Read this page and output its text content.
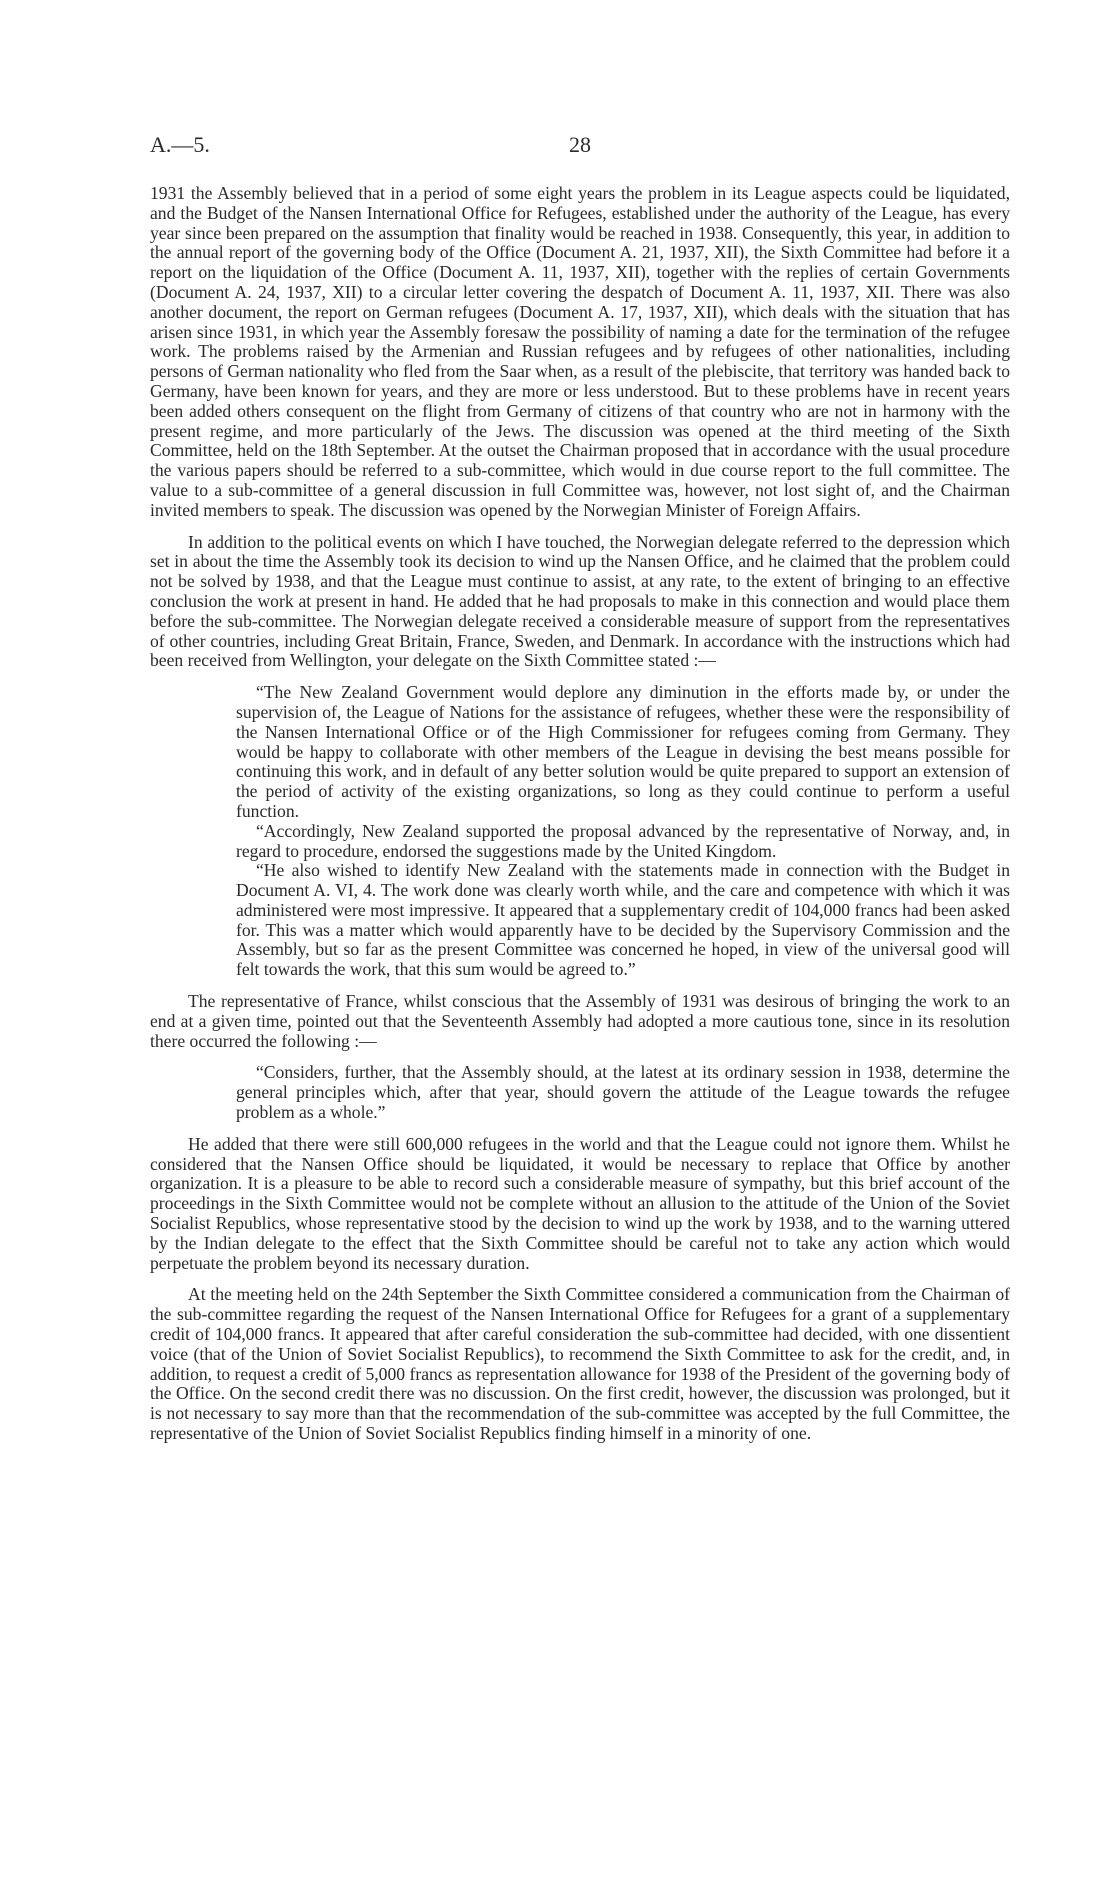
A.—5.	28

1931 the Assembly believed that in a period of some eight years the problem in its League aspects could be liquidated, and the Budget of the Nansen International Office for Refugees, established under the authority of the League, has every year since been prepared on the assumption that finality would be reached in 1938. Consequently, this year, in addition to the annual report of the governing body of the Office (Document A. 21, 1937, XII), the Sixth Committee had before it a report on the liquidation of the Office (Document A. 11, 1937, XII), together with the replies of certain Governments (Document A. 24, 1937, XII) to a circular letter covering the despatch of Document A. 11, 1937, XII. There was also another document, the report on German refugees (Document A. 17, 1937, XII), which deals with the situation that has arisen since 1931, in which year the Assembly foresaw the possibility of naming a date for the termination of the refugee work. The problems raised by the Armenian and Russian refugees and by refugees of other nationalities, including persons of German nationality who fled from the Saar when, as a result of the plebiscite, that territory was handed back to Germany, have been known for years, and they are more or less understood. But to these problems have in recent years been added others consequent on the flight from Germany of citizens of that country who are not in harmony with the present regime, and more particularly of the Jews. The discussion was opened at the third meeting of the Sixth Committee, held on the 18th September. At the outset the Chairman proposed that in accordance with the usual procedure the various papers should be referred to a sub-committee, which would in due course report to the full committee. The value to a sub-committee of a general discussion in full Committee was, however, not lost sight of, and the Chairman invited members to speak. The discussion was opened by the Norwegian Minister of Foreign Affairs.

In addition to the political events on which I have touched, the Norwegian delegate referred to the depression which set in about the time the Assembly took its decision to wind up the Nansen Office, and he claimed that the problem could not be solved by 1938, and that the League must continue to assist, at any rate, to the extent of bringing to an effective conclusion the work at present in hand. He added that he had proposals to make in this connection and would place them before the sub-committee. The Norwegian delegate received a considerable measure of support from the representatives of other countries, including Great Britain, France, Sweden, and Denmark. In accordance with the instructions which had been received from Wellington, your delegate on the Sixth Committee stated :—

“The New Zealand Government would deplore any diminution in the efforts made by, or under the supervision of, the League of Nations for the assistance of refugees, whether these were the responsibility of the Nansen International Office or of the High Commissioner for refugees coming from Germany. They would be happy to collaborate with other members of the League in devising the best means possible for continuing this work, and in default of any better solution would be quite prepared to support an extension of the period of activity of the existing organizations, so long as they could continue to perform a useful function.

“Accordingly, New Zealand supported the proposal advanced by the representative of Norway, and, in regard to procedure, endorsed the suggestions made by the United Kingdom.

“He also wished to identify New Zealand with the statements made in connection with the Budget in Document A. VI, 4. The work done was clearly worth while, and the care and competence with which it was administered were most impressive. It appeared that a supplementary credit of 104,000 francs had been asked for. This was a matter which would apparently have to be decided by the Supervisory Commission and the Assembly, but so far as the present Committee was concerned he hoped, in view of the universal good will felt towards the work, that this sum would be agreed to.”

The representative of France, whilst conscious that the Assembly of 1931 was desirous of bringing the work to an end at a given time, pointed out that the Seventeenth Assembly had adopted a more cautious tone, since in its resolution there occurred the following :—

“Considers, further, that the Assembly should, at the latest at its ordinary session in 1938, determine the general principles which, after that year, should govern the attitude of the League towards the refugee problem as a whole.”

He added that there were still 600,000 refugees in the world and that the League could not ignore them. Whilst he considered that the Nansen Office should be liquidated, it would be necessary to replace that Office by another organization. It is a pleasure to be able to record such a considerable measure of sympathy, but this brief account of the proceedings in the Sixth Committee would not be complete without an allusion to the attitude of the Union of the Soviet Socialist Republics, whose representative stood by the decision to wind up the work by 1938, and to the warning uttered by the Indian delegate to the effect that the Sixth Committee should be careful not to take any action which would perpetuate the problem beyond its necessary duration.

At the meeting held on the 24th September the Sixth Committee considered a communication from the Chairman of the sub-committee regarding the request of the Nansen International Office for Refugees for a grant of a supplementary credit of 104,000 francs. It appeared that after careful consideration the sub-committee had decided, with one dissentient voice (that of the Union of Soviet Socialist Republics), to recommend the Sixth Committee to ask for the credit, and, in addition, to request a credit of 5,000 francs as representation allowance for 1938 of the President of the governing body of the Office. On the second credit there was no discussion. On the first credit, however, the discussion was prolonged, but it is not necessary to say more than that the recommendation of the sub-committee was accepted by the full Committee, the representative of the Union of Soviet Socialist Republics finding himself in a minority of one.
